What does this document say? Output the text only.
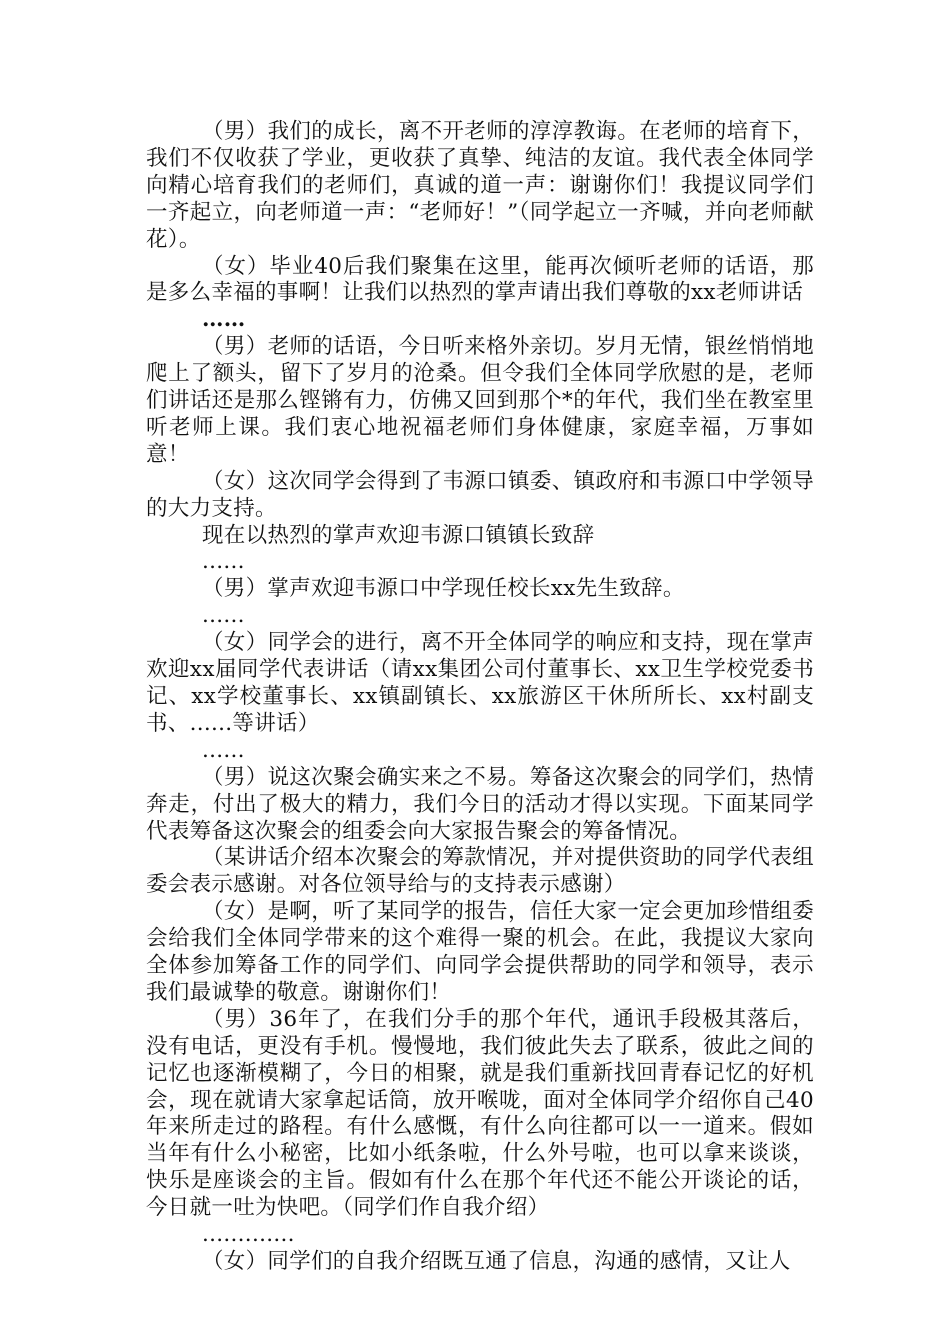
（男）我们的成长，离不开老师的淳淳教诲。在老师的培育下，我们不仅收获了学业，更收获了真挚、纯洁的友谊。我代表全体同学向精心培育我们的老师们，真诚的道一声：谢谢你们！我提议同学们一齐起立，向老师道一声：“老师好！”（同学起立一齐喊，并向老师献花）。

（女）毕业40后我们聚集在这里，能再次倾听老师的话语，那是多么幸福的事啊！让我们以热烈的掌声请出我们尊敬的xx老师讲话

……

（男）老师的话语，今日听来格外亲切。岁月无情，银丝悄悄地爬上了额头，留下了岁月的沧桑。但令我们全体同学欣慰的是，老师们讲话还是那么铿锵有力，仿佛又回到那个*的年代，我们坐在教室里听老师上课。我们衷心地祝福老师们身体健康，家庭幸福，万事如意！

（女）这次同学会得到了韦源口镇委、镇政府和韦源口中学领导的大力支持。

现在以热烈的掌声欢迎韦源口镇镇长致辞

......

（男）掌声欢迎韦源口中学现任校长xx先生致辞。

......

（女）同学会的进行，离不开全体同学的响应和支持，现在掌声欢迎xx届同学代表讲话（请xx集团公司付董事长、xx卫生学校党委书记、xx学校董事长、xx镇副镇长、xx旅游区干休所所长、xx村副支书、......等讲话）

......

（男）说这次聚会确实来之不易。筹备这次聚会的同学们，热情奔走，付出了极大的精力，我们今日的活动才得以实现。下面某同学代表筹备这次聚会的组委会向大家报告聚会的筹备情况。

（某讲话介绍本次聚会的筹款情况，并对提供资助的同学代表组委会表示感谢。对各位领导给与的支持表示感谢）

（女）是啊，听了某同学的报告，信任大家一定会更加珍惜组委会给我们全体同学带来的这个难得一聚的机会。在此，我提议大家向全体参加筹备工作的同学们、向同学会提供帮助的同学和领导，表示我们最诚挚的敬意。谢谢你们！

（男）36年了，在我们分手的那个年代，通讯手段极其落后，没有电话，更没有手机。慢慢地，我们彼此失去了联系，彼此之间的记忆也逐渐模糊了，今日的相聚，就是我们重新找回青春记忆的好机会，现在就请大家拿起话筒，放开喉咙，面对全体同学介绍你自己40年来所走过的路程。有什么感慨，有什么向往都可以一一道来。假如当年有什么小秘密，比如小纸条啦，什么外号啦，也可以拿来谈谈，快乐是座谈会的主旨。假如有什么在那个年代还不能公开谈论的话，今日就一吐为快吧。（同学们作自我介绍）

.............

（女）同学们的自我介绍既互通了信息，沟通的感情，又让人
